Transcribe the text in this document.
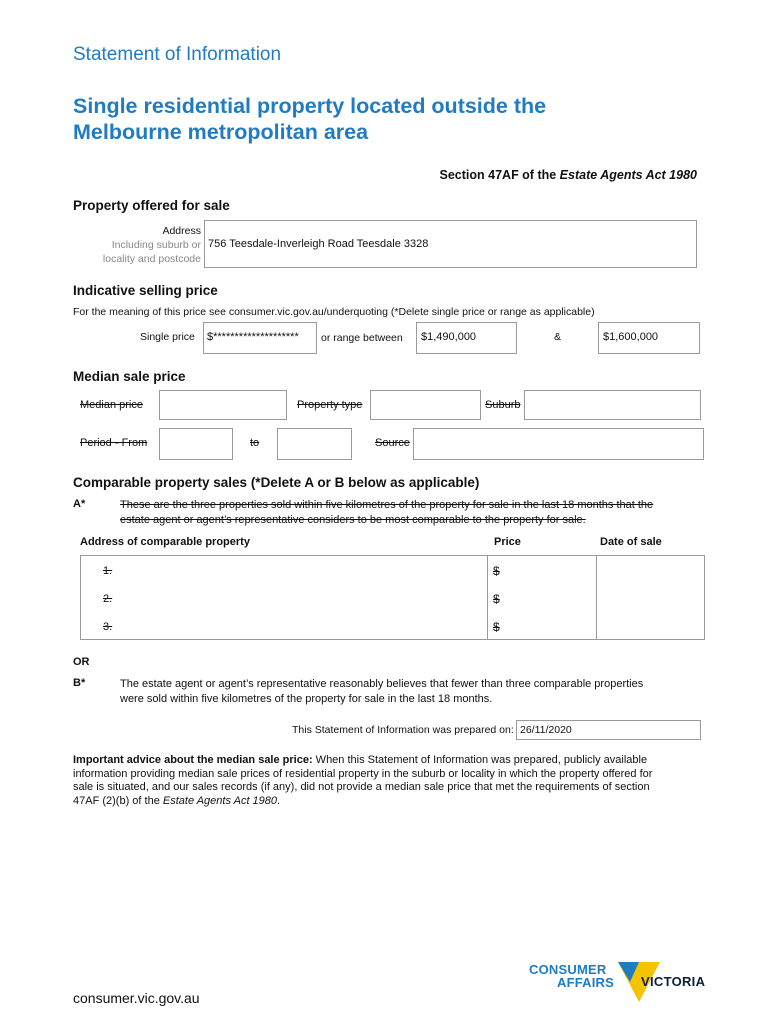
Statement of Information
Single residential property located outside the
Melbourne metropolitan area
Section 47AF of the Estate Agents Act 1980
Property offered for sale
Address
Including suburb or
locality and postcode
756 Teesdale-Inverleigh Road Teesdale 3328
Indicative selling price
For the meaning of this price see consumer.vic.gov.au/underquoting (*Delete single price or range as applicable)
Single price $******************** or range between $1,490,000	&	$1,600,000
Median sale price
Median price	Property type	Suburb
Period - From	to	Source
Comparable property sales (*Delete A or B below as applicable)
A*	These are the three properties sold within five kilometres of the property for sale in the last 18 months that the
estate agent or agent’s representative considers to be most comparable to the property for sale.
Address of comparable property	Price	Date of sale
1.	$
2.	$
3.	$
OR
B*	The estate agent or agent’s representative reasonably believes that fewer than three comparable properties
were sold within five kilometres of the property for sale in the last 18 months.
This Statement of Information was prepared on: 26/11/2020
Important advice about the median sale price: When this Statement of Information was prepared, publicly available
information providing median sale prices of residential property in the suburb or locality in which the property offered for
sale is situated, and our sales records (if any), did not provide a median sale price that met the requirements of section
47AF (2)(b) of the Estate Agents Act 1980.
consumer.vic.gov.au
CONSUMER
AFFAIRS VICTORIA
